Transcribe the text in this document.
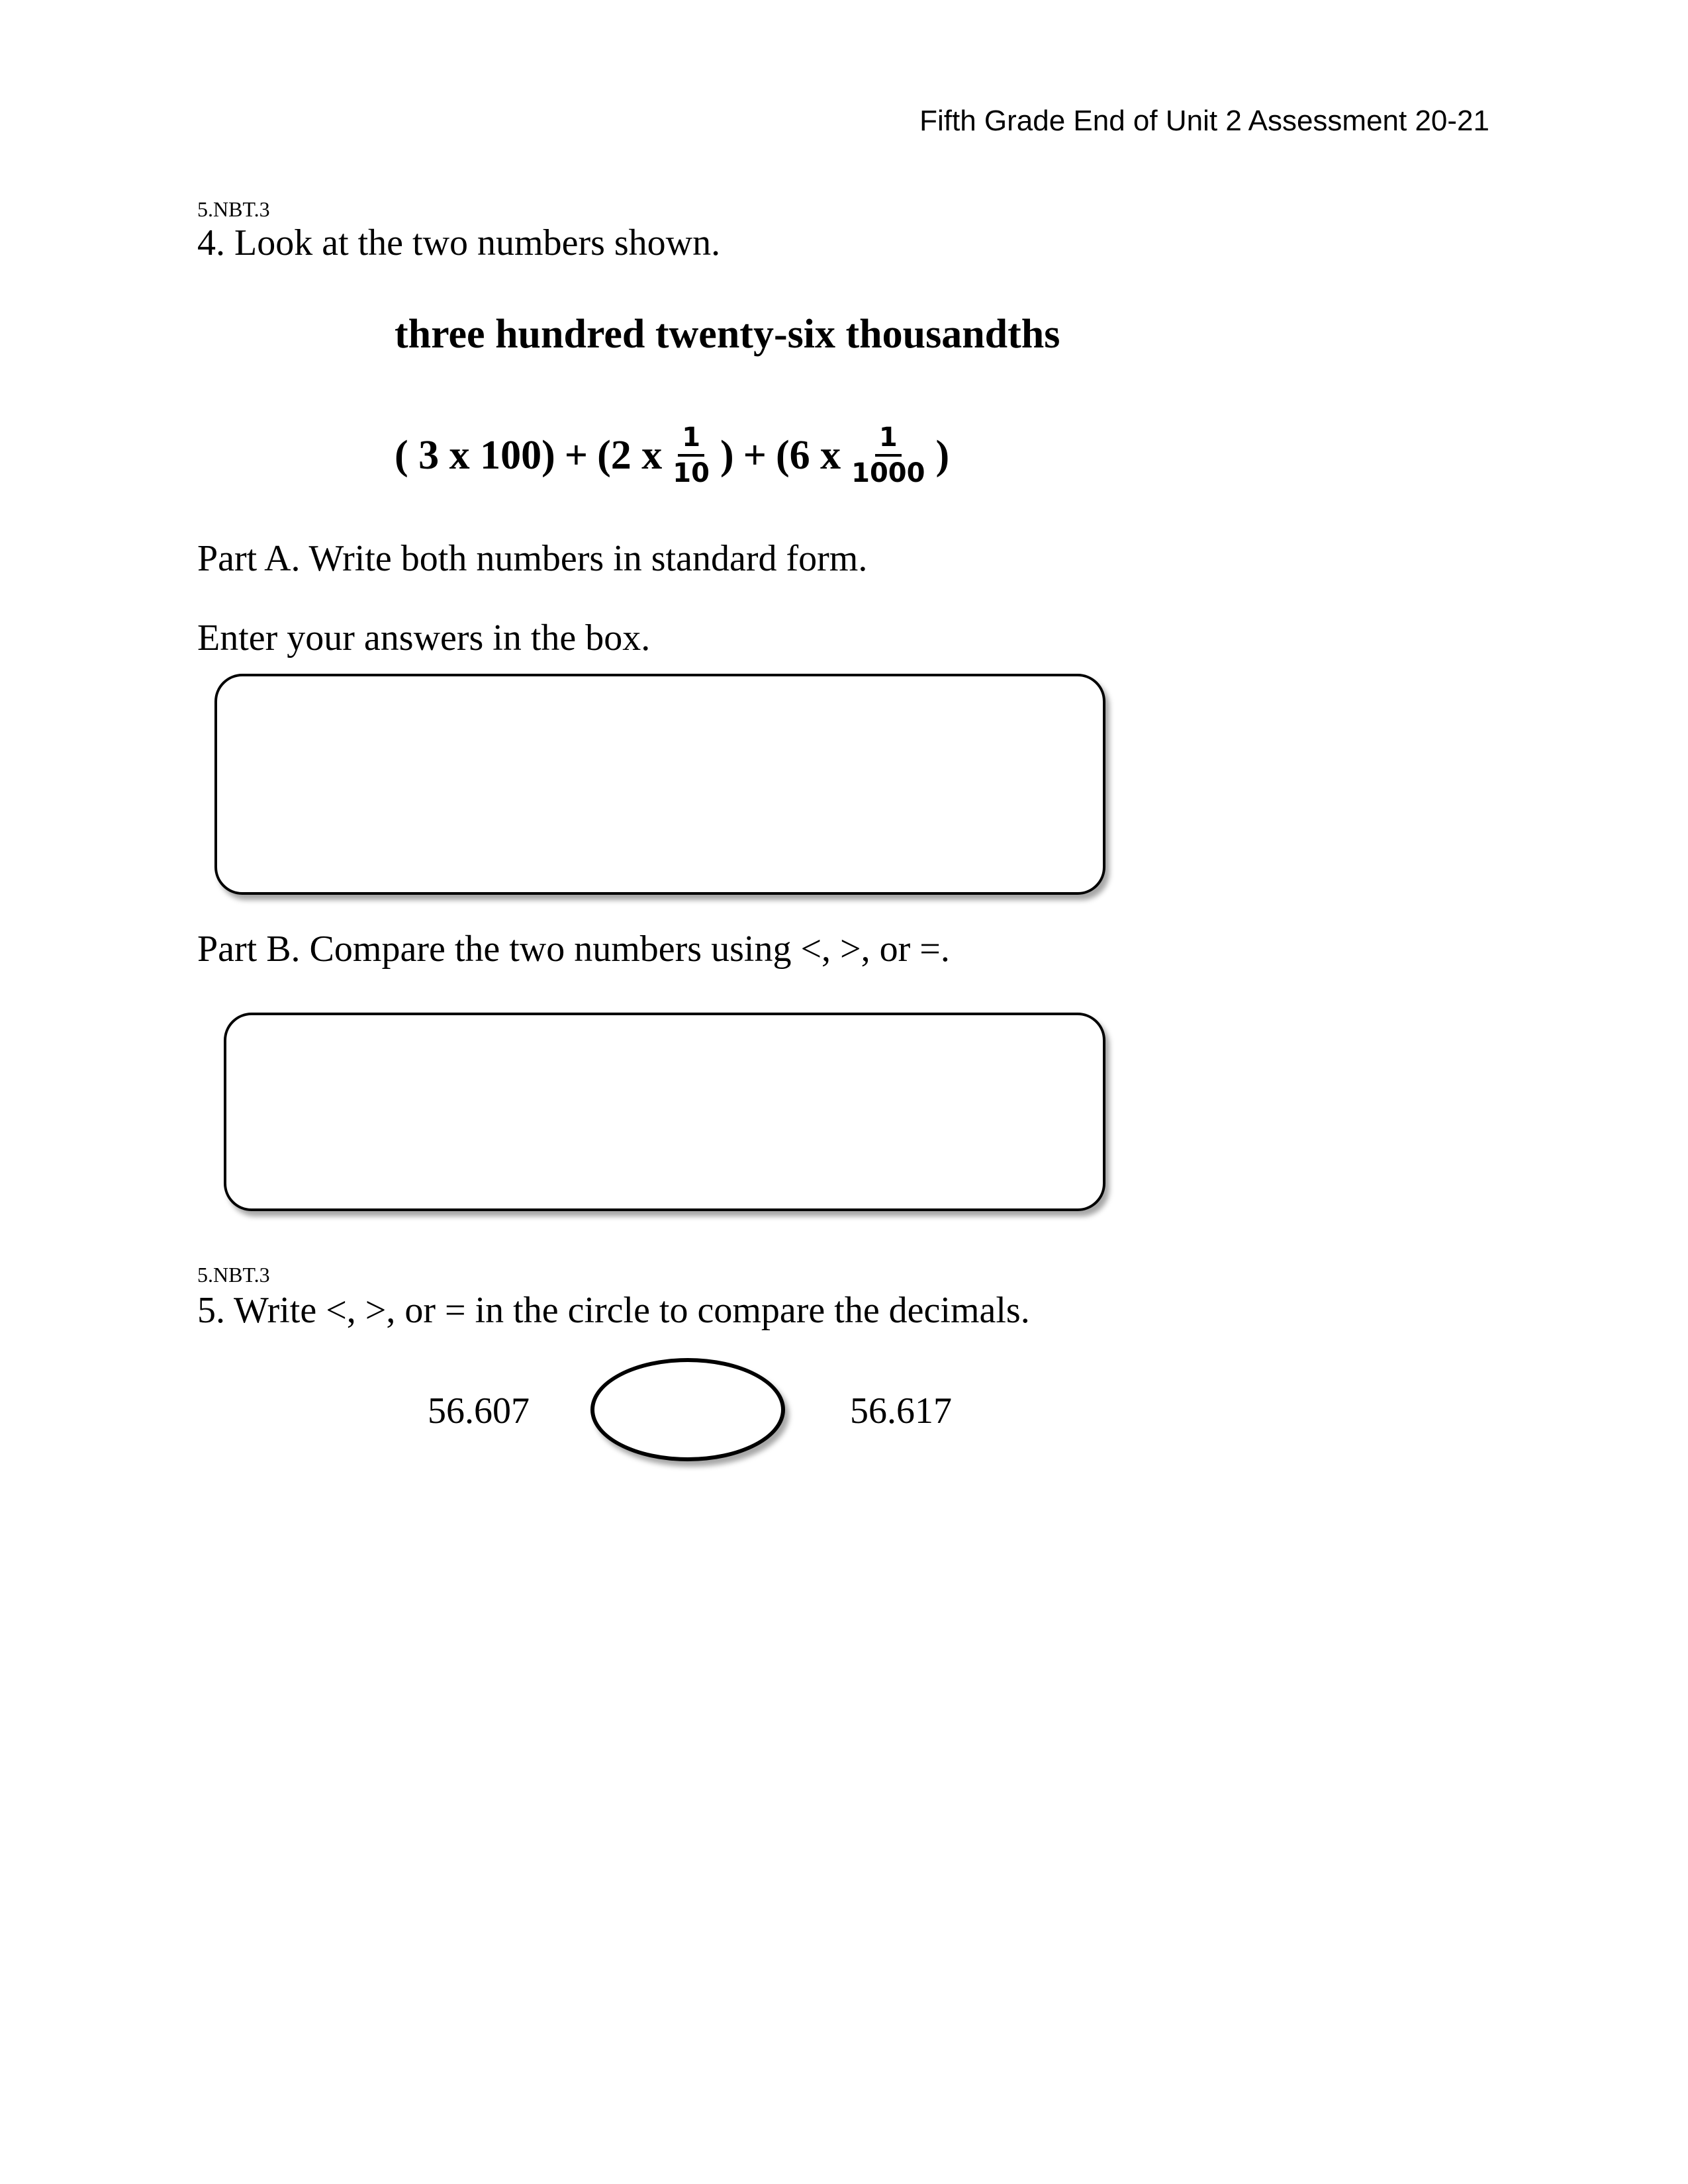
Fifth Grade End of Unit 2 Assessment 20-21
5.NBT.3
4. Look at the two numbers shown.
three hundred twenty-six thousandths
( 3 x 100) + (2 x $\frac{1}{10}$ ) + (6 x $\frac{1}{1000}$ )
Part A. Write both numbers in standard form.
Enter your answers in the box.
Part B. Compare the two numbers using <, >, or =.
5.NBT.3
5. Write <, >, or = in the circle to compare the decimals.
56.607	56.617
